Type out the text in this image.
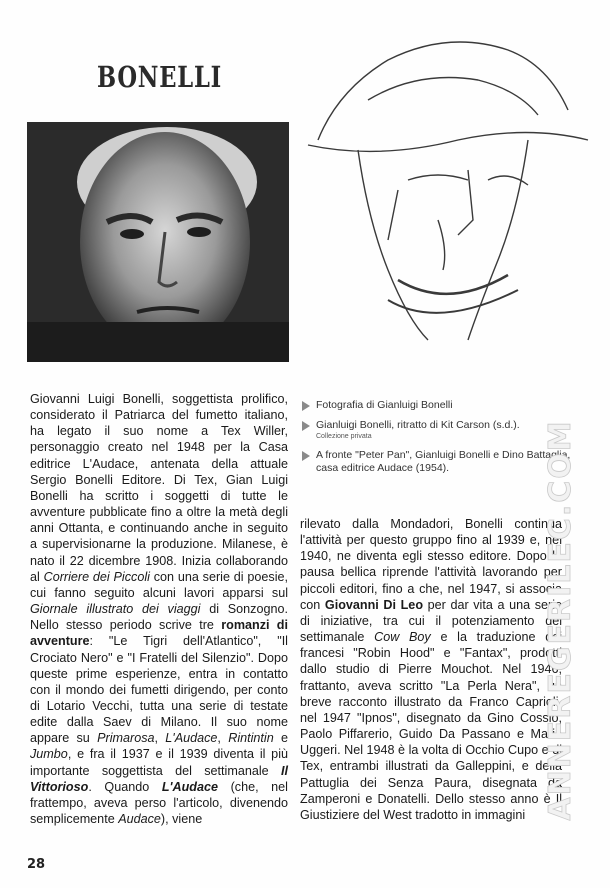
BONELLI
Fotografia di Gianluigi Bonelli
Gianluigi Bonelli, ritratto di Kit Carson (s.d.).
Collezione privata
A fronte "Peter Pan", Gianluigi Bonelli e Dino Battaglia, casa editrice Audace (1954).

Giovanni Luigi Bonelli, soggettista prolifico, considerato il Patriarca del fumetto italiano, ha legato il suo nome a Tex Willer, personaggio creato nel 1948 per la Casa editrice L'Audace, antenata della attuale Sergio Bonelli Editore. Di Tex, Gian Luigi Bonelli ha scritto i soggetti di tutte le avventure pubblicate fino a oltre la metà degli anni Ottanta, e continuando anche in seguito a supervisionarne la produzione. Milanese, è nato il 22 dicembre 1908. Inizia collaborando al Corriere dei Piccoli con una serie di poesie, cui fanno seguito alcuni lavori apparsi sul Giornale illustrato dei viaggi di Sonzogno. Nello stesso periodo scrive tre romanzi di avventure: "Le Tigri dell'Atlantico", "Il Crociato Nero" e "I Fratelli del Silenzio". Dopo queste prime esperienze, entra in contatto con il mondo dei fumetti dirigendo, per conto di Lotario Vecchi, tutta una serie di testate edite dalla Saev di Milano. Il suo nome appare su Primarosa, L'Audace, Rintintin e Jumbo, e fra il 1937 e il 1939 diventa il più importante soggettista del settimanale Il Vittorioso. Quando L'Audace (che, nel frattempo, aveva perso l'articolo, divenendo semplicemente Audace), viene

rilevato dalla Mondadori, Bonelli continua l'attività per questo gruppo fino al 1939 e, nel 1940, ne diventa egli stesso editore. Dopo la pausa bellica riprende l'attività lavorando per piccoli editori, fino a che, nel 1947, si associa con Giovanni Di Leo per dar vita a una serie di iniziative, tra cui il potenziamento del settimanale Cow Boy e la traduzione dei francesi "Robin Hood" e "Fantax", prodotti dallo studio di Pierre Mouchot. Nel 1946, frattanto, aveva scritto "La Perla Nera", un breve racconto illustrato da Franco Caprioli, nel 1947 "Ipnos", disegnato da Gino Cossio, Paolo Piffarerio, Guido Da Passano e Mario Uggeri. Nel 1948 è la volta di Occhio Cupo e di Tex, entrambi illustrati da Galleppini, e della Pattuglia dei Senza Paura, disegnata da Zamperoni e Donatelli. Dello stesso anno è Il Giustiziere del West tradotto in immagini

28
ANNEREGERILEC.COM
